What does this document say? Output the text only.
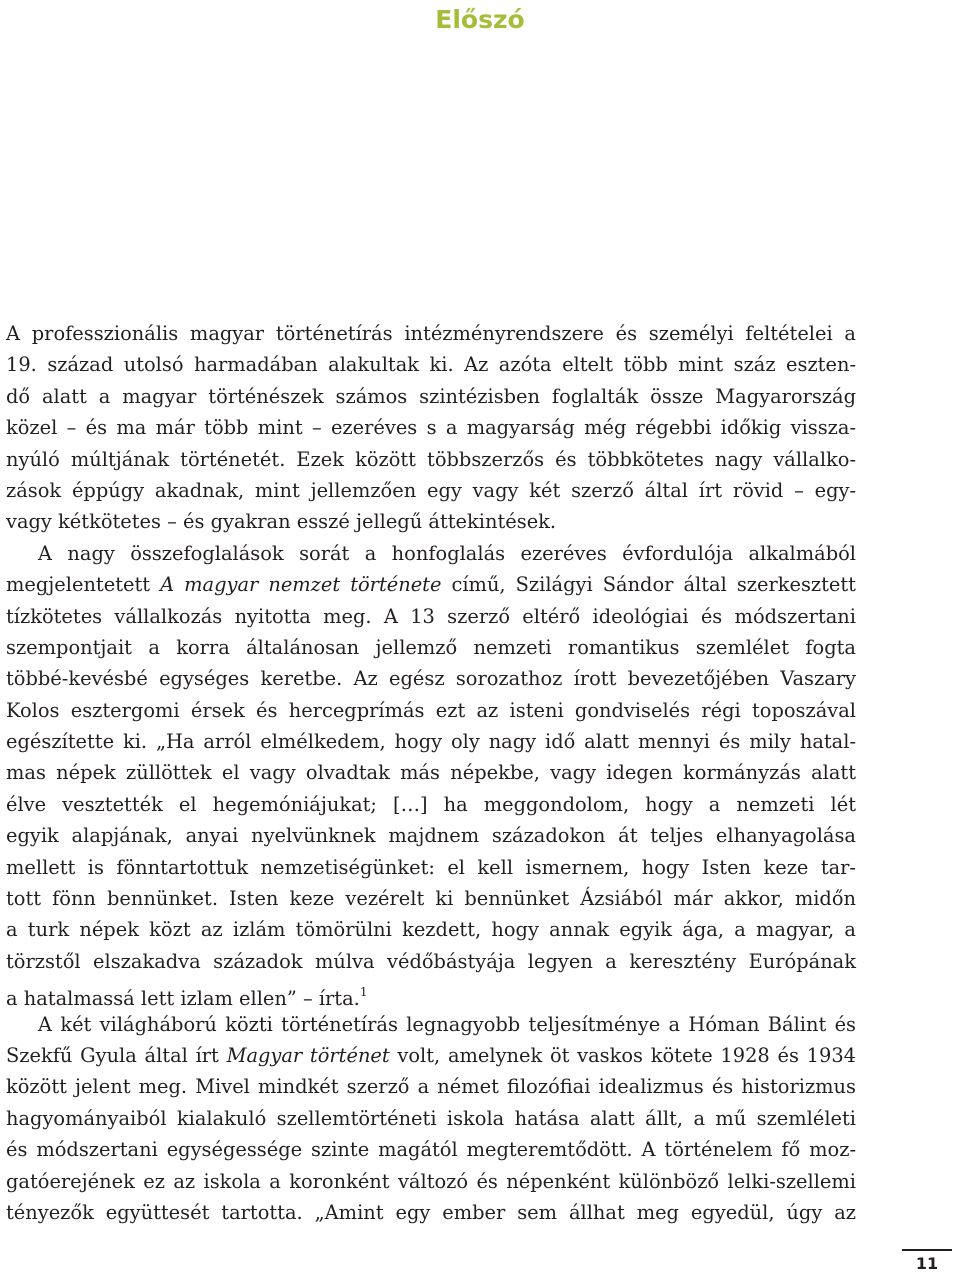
Előszó
A professzionális magyar történetírás intézményrendszere és személyi feltételei a
19. század utolsó harmadában alakultak ki. Az azóta eltelt több mint száz eszten-
dő alatt a magyar történészek számos szintézisben foglalták össze Magyarország
közel – és ma már több mint – ezeréves s a magyarság még régebbi időkig vissza-
nyúló múltjának történetét. Ezek között többszerzős és többkötetes nagy vállalko-
zások éppúgy akadnak, mint jellemzően egy vagy két szerző által írt rövid – egy-
vagy kétkötetes – és gyakran esszé jellegű áttekintések.
A nagy összefoglalások sorát a honfoglalás ezeréves évfordulója alkalmából
megjelentetett A magyar nemzet története című, Szilágyi Sándor által szerkesztett
tízkötetes vállalkozás nyitotta meg. A 13 szerző eltérő ideológiai és módszertani
szempontjait a korra általánosan jellemző nemzeti romantikus szemlélet fogta
többé-kevésbé egységes keretbe. Az egész sorozathoz írott bevezetőjében Vaszary
Kolos esztergomi érsek és hercegprímás ezt az isteni gondviselés régi toposzával
egészítette ki. „Ha arról elmélkedem, hogy oly nagy idő alatt mennyi és mily hatal-
mas népek züllöttek el vagy olvadtak más népekbe, vagy idegen kormányzás alatt
élve vesztették el hegemóniájukat; […] ha meggondolom, hogy a nemzeti lét
egyik alapjának, anyai nyelvünknek majdnem századokon át teljes elhanyagolása
mellett is fönntartottuk nemzetiségünket: el kell ismernem, hogy Isten keze tar-
tott fönn bennünket. Isten keze vezérelt ki bennünket Ázsiából már akkor, midőn
a turk népek közt az izlám tömörülni kezdett, hogy annak egyik ága, a magyar, a
törzstől elszakadva századok múlva védőbástyája legyen a keresztény Európának
a hatalmassá lett izlam ellen” – írta.$^1$
A két világháború közti történetírás legnagyobb teljesítménye a Hóman Bálint és
Szekfű Gyula által írt Magyar történet volt, amelynek öt vaskos kötete 1928 és 1934
között jelent meg. Mivel mindkét szerző a német filozófiai idealizmus és historizmus
hagyományaiból kialakuló szellemtörténeti iskola hatása alatt állt, a mű szemléleti
és módszertani egységessége szinte magától megteremtődött. A történelem fő moz-
gatóerejének ez az iskola a koronként változó és népenként különböző lelki-szellemi
tényezők együttesét tartotta. „Amint egy ember sem állhat meg egyedül, úgy az
11
